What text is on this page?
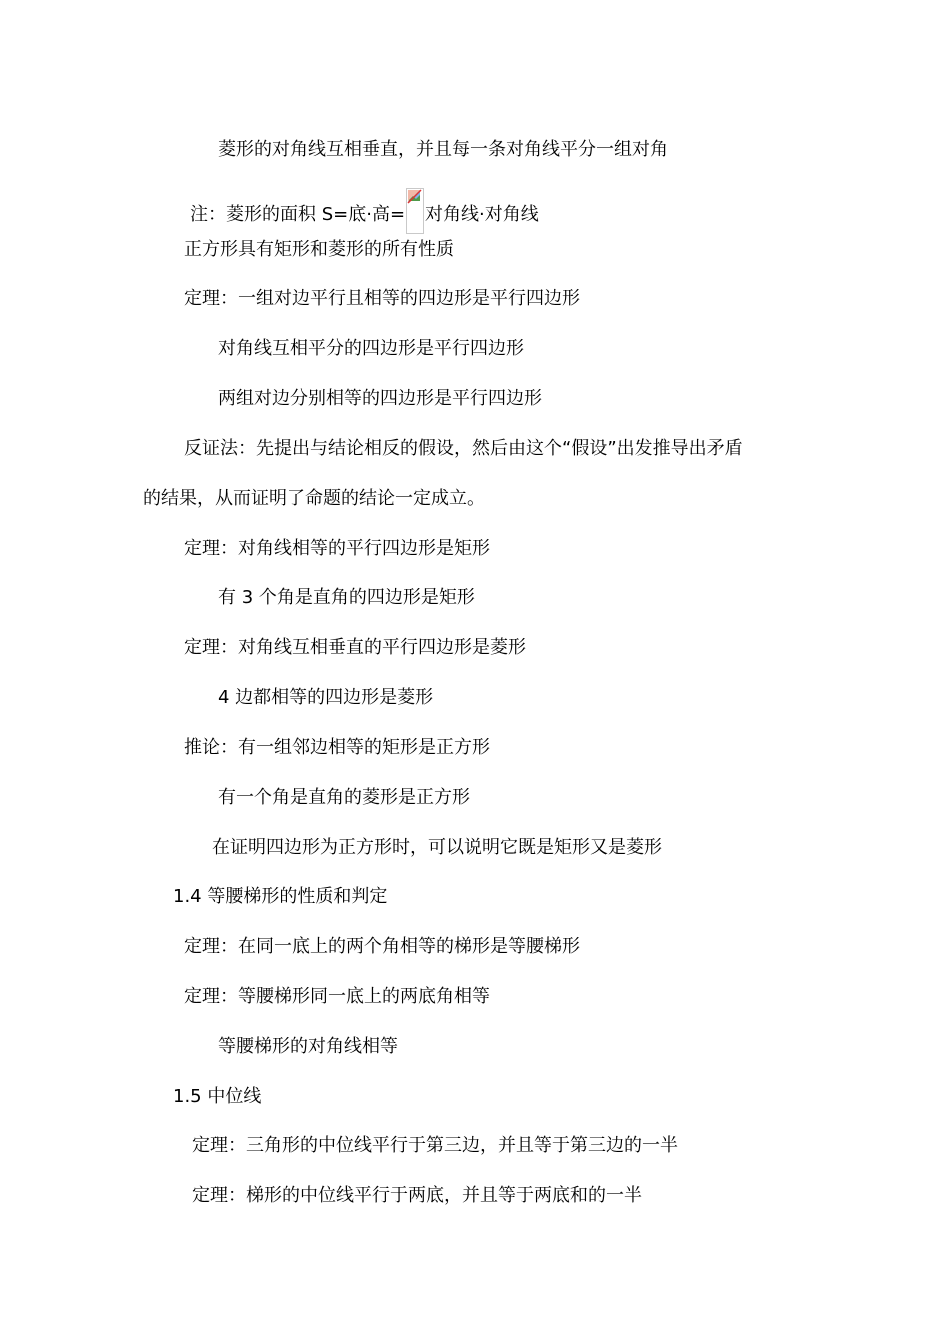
菱形的对角线互相垂直，并且每一条对角线平分一组对角
注：菱形的面积 S=底·高= 对角线·对角线
正方形具有矩形和菱形的所有性质
定理：一组对边平行且相等的四边形是平行四边形
对角线互相平分的四边形是平行四边形
两组对边分别相等的四边形是平行四边形
反证法：先提出与结论相反的假设，然后由这个“假设”出发推导出矛盾
的结果，从而证明了命题的结论一定成立。
定理：对角线相等的平行四边形是矩形
有 3 个角是直角的四边形是矩形
定理：对角线互相垂直的平行四边形是菱形
4 边都相等的四边形是菱形
推论：有一组邻边相等的矩形是正方形
有一个角是直角的菱形是正方形
在证明四边形为正方形时，可以说明它既是矩形又是菱形
1.4 等腰梯形的性质和判定
定理：在同一底上的两个角相等的梯形是等腰梯形
定理：等腰梯形同一底上的两底角相等
等腰梯形的对角线相等
1.5 中位线
定理：三角形的中位线平行于第三边，并且等于第三边的一半
定理：梯形的中位线平行于两底，并且等于两底和的一半
